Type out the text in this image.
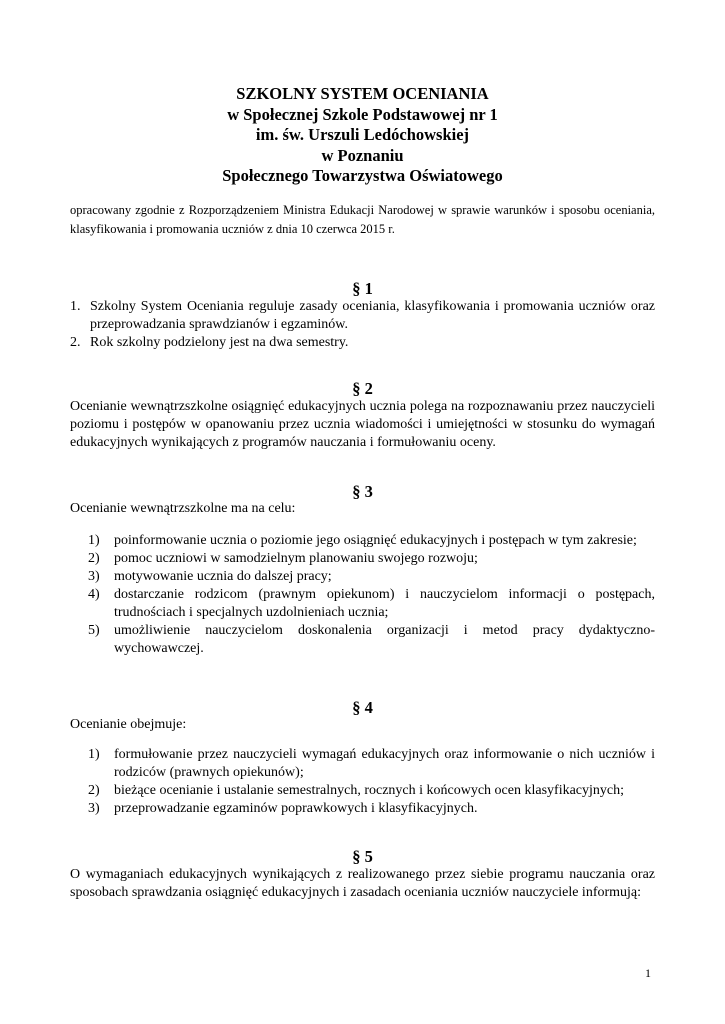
SZKOLNY SYSTEM OCENIANIA
w Społecznej Szkole Podstawowej nr 1
im. św. Urszuli Ledóchowskiej
w Poznaniu
Społecznego Towarzystwa Oświatowego
opracowany zgodnie z Rozporządzeniem Ministra Edukacji Narodowej w sprawie warunków i sposobu oceniania, klasyfikowania i promowania uczniów z dnia 10 czerwca 2015 r.
§ 1
1. Szkolny System Oceniania reguluje zasady oceniania, klasyfikowania i promowania uczniów oraz przeprowadzania sprawdzianów i egzaminów.
2. Rok szkolny podzielony jest na dwa semestry.
§ 2
Ocenianie wewnątrzszkolne osiągnięć edukacyjnych ucznia polega na rozpoznawaniu przez nauczycieli poziomu i postępów w opanowaniu przez ucznia wiadomości i umiejętności w stosunku do wymagań edukacyjnych wynikających z programów nauczania i formułowaniu oceny.
§ 3
Ocenianie wewnątrzszkolne ma na celu:
1) poinformowanie ucznia o poziomie jego osiągnięć edukacyjnych i postępach w tym zakresie;
2) pomoc uczniowi w samodzielnym planowaniu swojego rozwoju;
3) motywowanie ucznia do dalszej pracy;
4) dostarczanie rodzicom (prawnym opiekunom) i nauczycielom informacji o postępach, trudnościach i specjalnych uzdolnieniach ucznia;
5) umożliwienie nauczycielom doskonalenia organizacji i metod pracy dydaktyczno-wychowawczej.
§ 4
Ocenianie obejmuje:
1) formułowanie przez nauczycieli wymagań edukacyjnych oraz informowanie o nich uczniów i rodziców (prawnych opiekunów);
2) bieżące ocenianie i ustalanie semestralnych, rocznych i końcowych ocen klasyfikacyjnych;
3) przeprowadzanie egzaminów poprawkowych i klasyfikacyjnych.
§ 5
O wymaganiach edukacyjnych wynikających z realizowanego przez siebie programu nauczania oraz sposobach sprawdzania osiągnięć edukacyjnych i zasadach oceniania uczniów nauczyciele informują:
1
